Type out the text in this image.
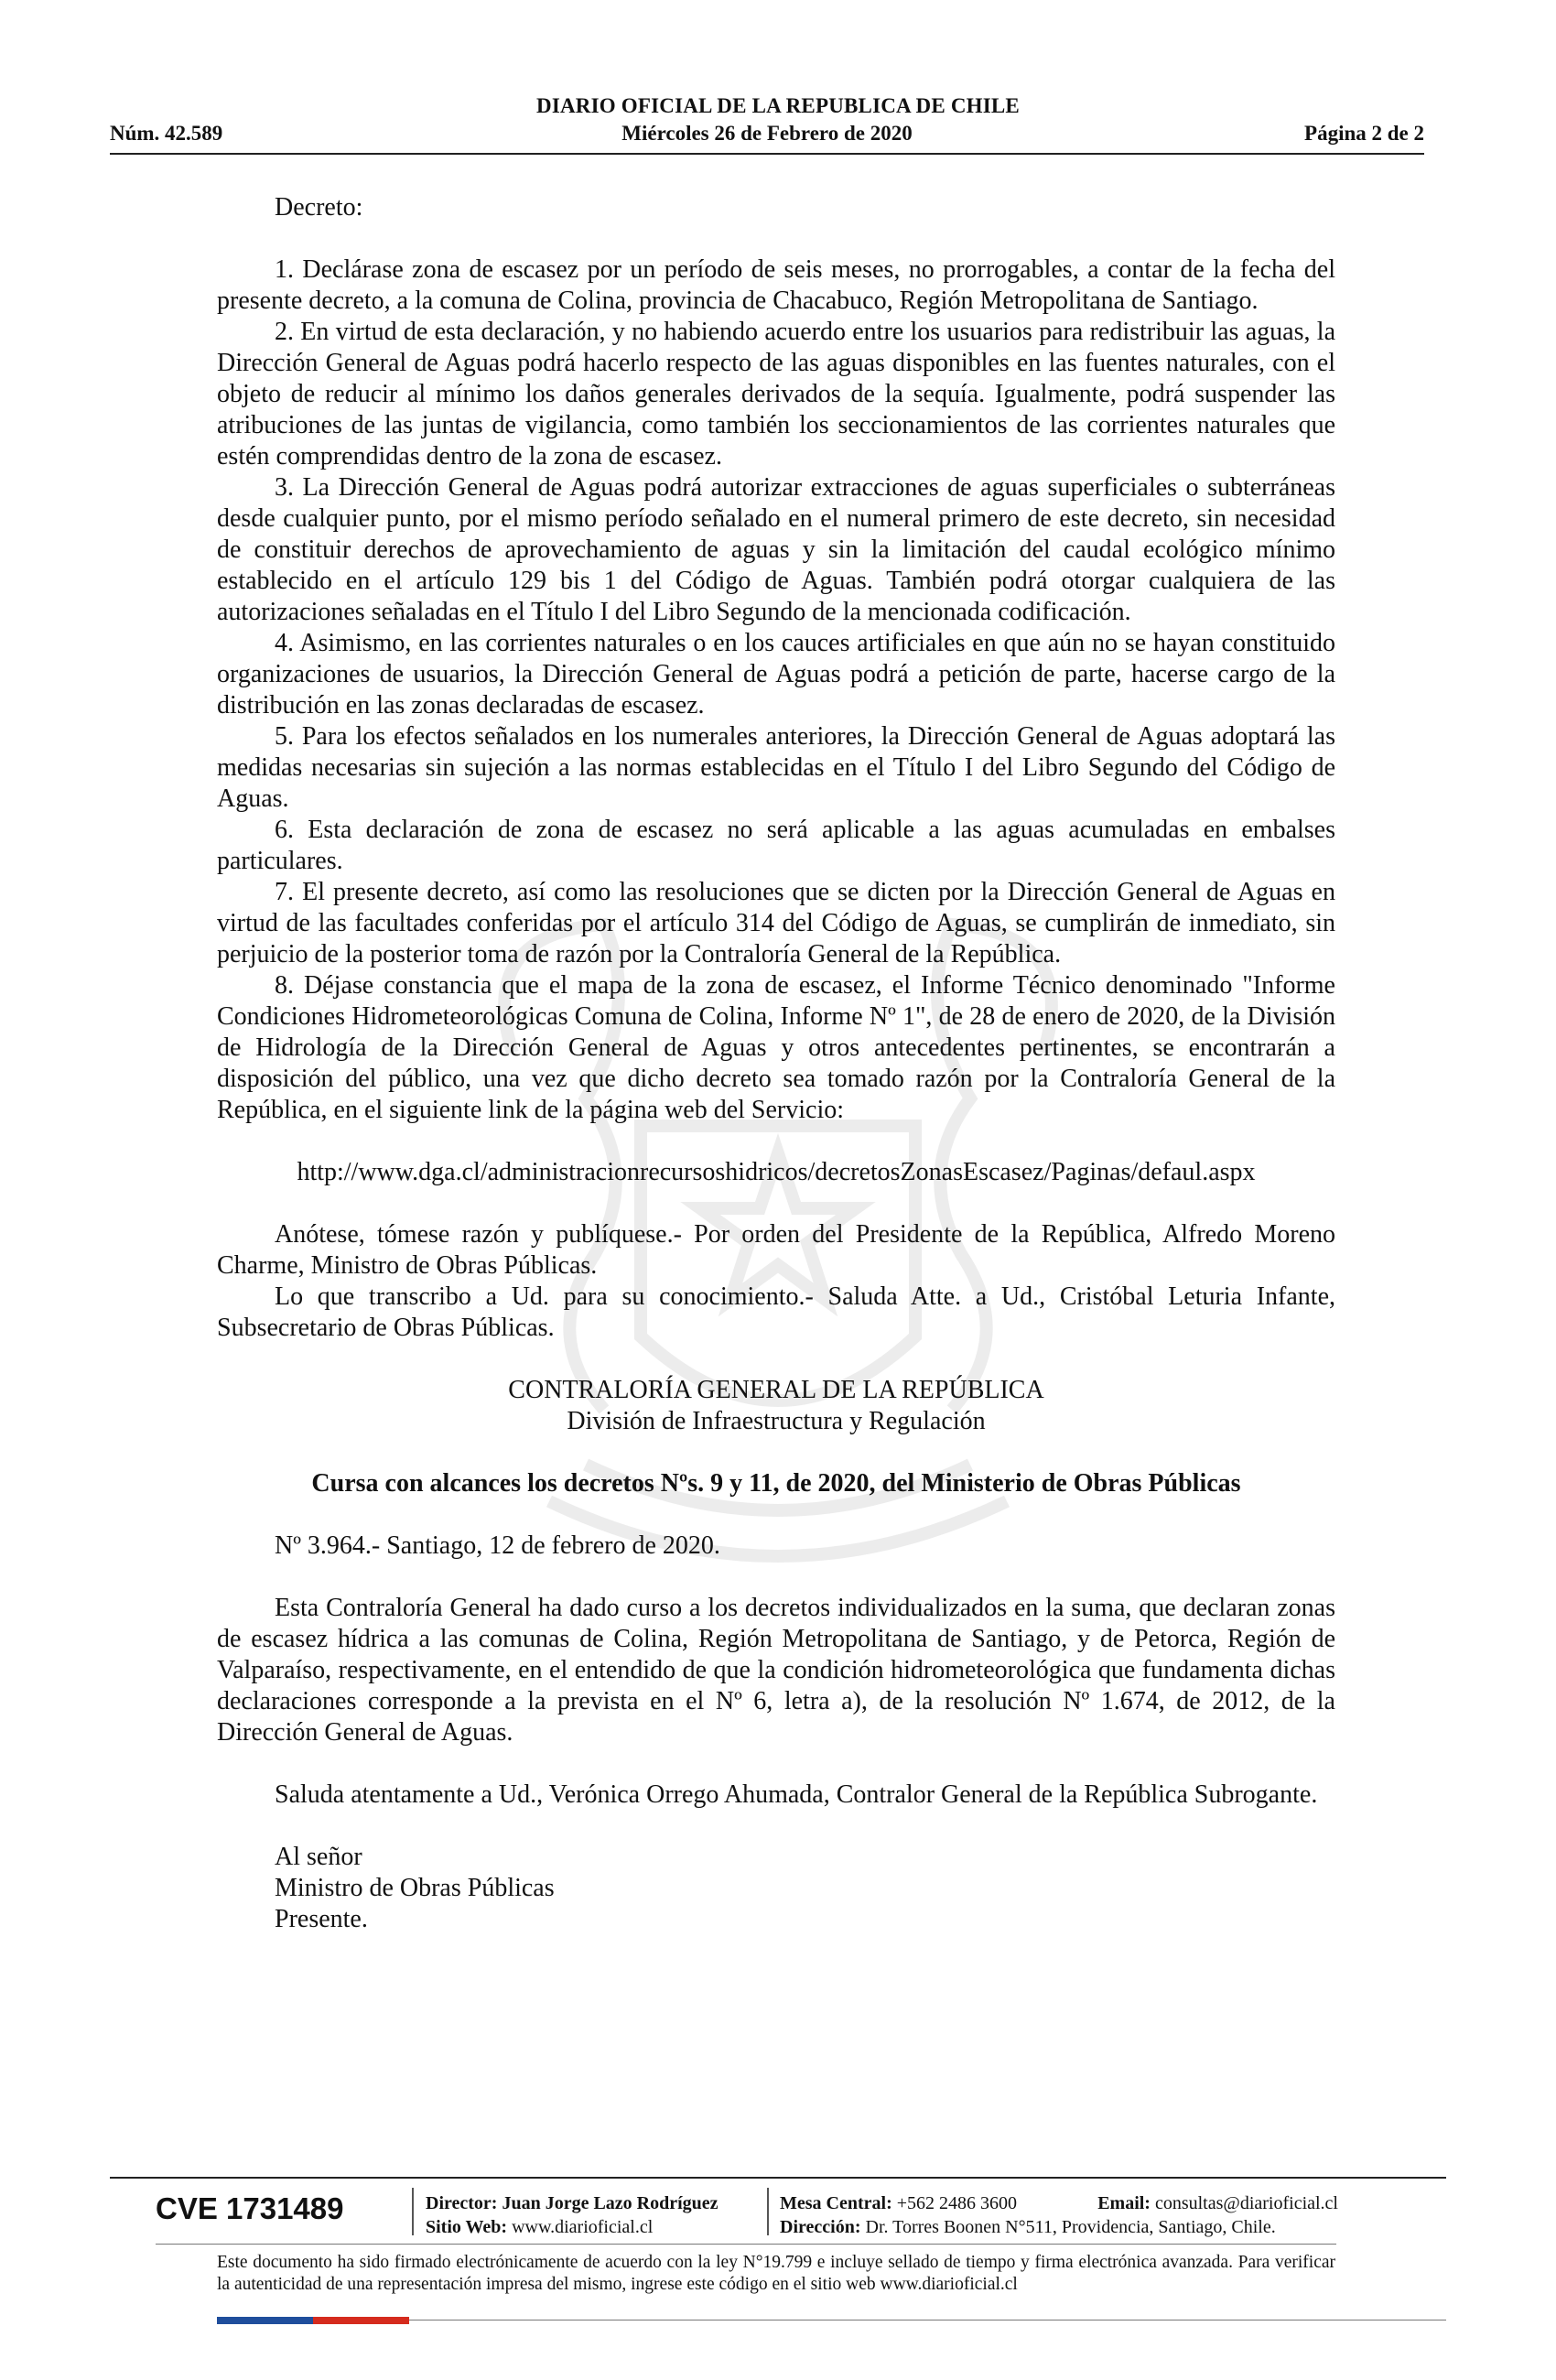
DIARIO OFICIAL DE LA REPUBLICA DE CHILE
Núm. 42.589	Miércoles 26 de Febrero de 2020	Página 2 de 2

Decreto:

1. Declárase zona de escasez por un período de seis meses, no prorrogables, a contar de la fecha del presente decreto, a la comuna de Colina, provincia de Chacabuco, Región Metropolitana de Santiago.

2. En virtud de esta declaración, y no habiendo acuerdo entre los usuarios para redistribuir las aguas, la Dirección General de Aguas podrá hacerlo respecto de las aguas disponibles en las fuentes naturales, con el objeto de reducir al mínimo los daños generales derivados de la sequía. Igualmente, podrá suspender las atribuciones de las juntas de vigilancia, como también los seccionamientos de las corrientes naturales que estén comprendidas dentro de la zona de escasez.

3. La Dirección General de Aguas podrá autorizar extracciones de aguas superficiales o subterráneas desde cualquier punto, por el mismo período señalado en el numeral primero de este decreto, sin necesidad de constituir derechos de aprovechamiento de aguas y sin la limitación del caudal ecológico mínimo establecido en el artículo 129 bis 1 del Código de Aguas. También podrá otorgar cualquiera de las autorizaciones señaladas en el Título I del Libro Segundo de la mencionada codificación.

4. Asimismo, en las corrientes naturales o en los cauces artificiales en que aún no se hayan constituido organizaciones de usuarios, la Dirección General de Aguas podrá a petición de parte, hacerse cargo de la distribución en las zonas declaradas de escasez.

5. Para los efectos señalados en los numerales anteriores, la Dirección General de Aguas adoptará las medidas necesarias sin sujeción a las normas establecidas en el Título I del Libro Segundo del Código de Aguas.

6. Esta declaración de zona de escasez no será aplicable a las aguas acumuladas en embalses particulares.

7. El presente decreto, así como las resoluciones que se dicten por la Dirección General de Aguas en virtud de las facultades conferidas por el artículo 314 del Código de Aguas, se cumplirán de inmediato, sin perjuicio de la posterior toma de razón por la Contraloría General de la República.

8. Déjase constancia que el mapa de la zona de escasez, el Informe Técnico denominado "Informe Condiciones Hidrometeorológicas Comuna de Colina, Informe Nº 1", de 28 de enero de 2020, de la División de Hidrología de la Dirección General de Aguas y otros antecedentes pertinentes, se encontrarán a disposición del público, una vez que dicho decreto sea tomado razón por la Contraloría General de la República, en el siguiente link de la página web del Servicio:

http://www.dga.cl/administracionrecursoshidricos/decretosZonasEscasez/Paginas/defaul.aspx

Anótese, tómese razón y publíquese.- Por orden del Presidente de la República, Alfredo Moreno Charme, Ministro de Obras Públicas.

Lo que transcribo a Ud. para su conocimiento.- Saluda Atte. a Ud., Cristóbal Leturia Infante, Subsecretario de Obras Públicas.

CONTRALORÍA GENERAL DE LA REPÚBLICA

División de Infraestructura y Regulación

Cursa con alcances los decretos Nºs. 9 y 11, de 2020, del Ministerio de Obras Públicas

Nº 3.964.- Santiago, 12 de febrero de 2020.

Esta Contraloría General ha dado curso a los decretos individualizados en la suma, que declaran zonas de escasez hídrica a las comunas de Colina, Región Metropolitana de Santiago, y de Petorca, Región de Valparaíso, respectivamente, en el entendido de que la condición hidrometeorológica que fundamenta dichas declaraciones corresponde a la prevista en el Nº 6, letra a), de la resolución Nº 1.674, de 2012, de la Dirección General de Aguas.

Saluda atentamente a Ud., Verónica Orrego Ahumada, Contralor General de la República Subrogante.

Al señor

Ministro de Obras Públicas

Presente.

CVE 1731489	Director: Juan Jorge Lazo Rodríguez
Sitio Web: www.diarioficial.cl
Mesa Central: +562 2486 3600	Email: consultas@diarioficial.cl
Dirección: Dr. Torres Boonen N°511, Providencia, Santiago, Chile.
Este documento ha sido firmado electrónicamente de acuerdo con la ley N°19.799 e incluye sellado de tiempo y firma electrónica avanzada. Para verificar la autenticidad de una representación impresa del mismo, ingrese este código en el sitio web www.diarioficial.cl
